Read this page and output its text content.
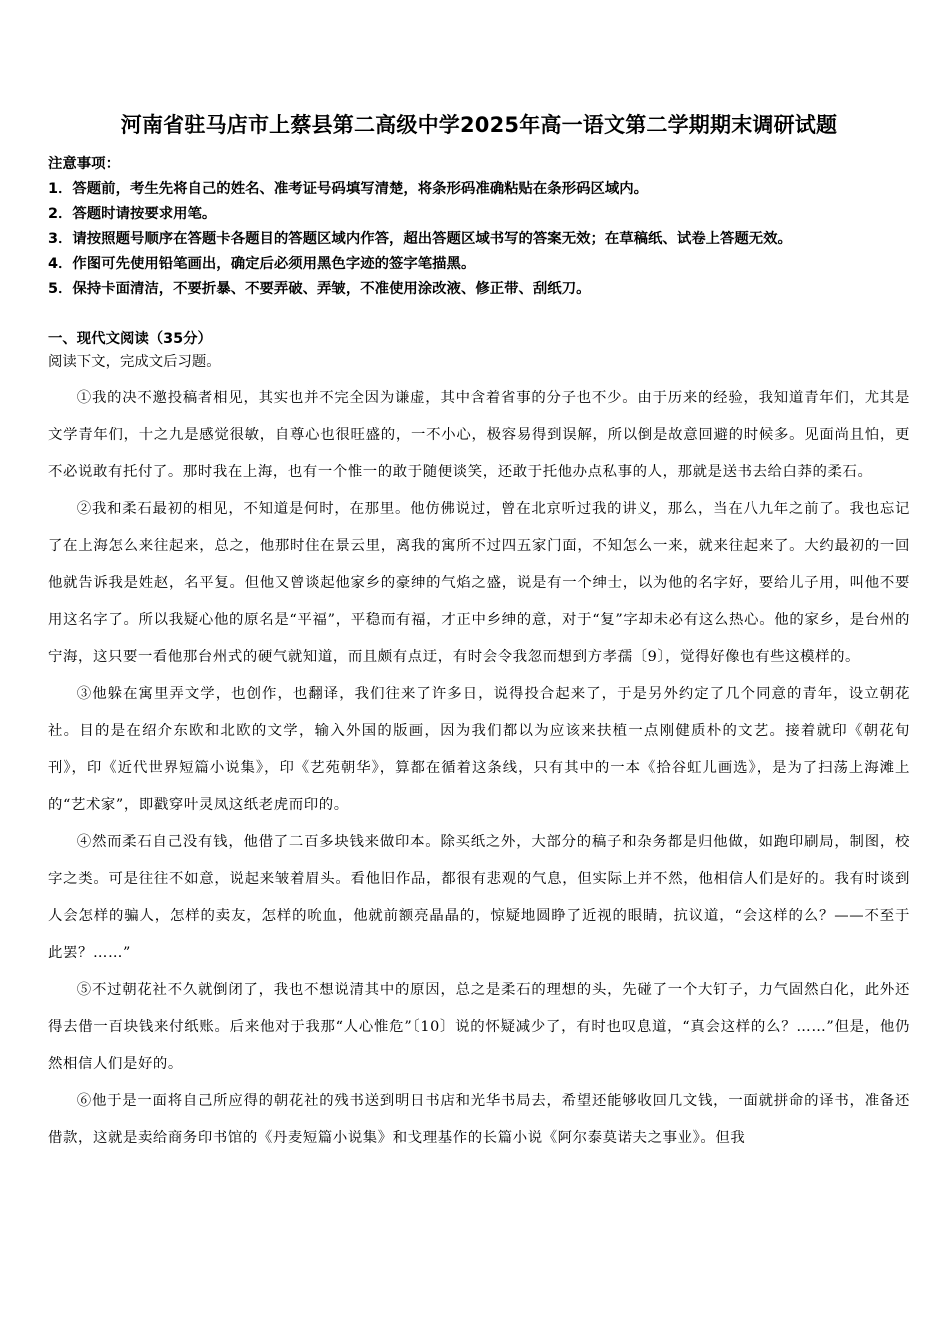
河南省驻马店市上蔡县第二高级中学2025年高一语文第二学期期末调研试题
注意事项：
1．答题前，考生先将自己的姓名、准考证号码填写清楚，将条形码准确粘贴在条形码区域内。
2．答题时请按要求用笔。
3．请按照题号顺序在答题卡各题目的答题区域内作答，超出答题区域书写的答案无效；在草稿纸、试卷上答题无效。
4．作图可先使用铅笔画出，确定后必须用黑色字迹的签字笔描黑。
5．保持卡面清洁，不要折暴、不要弄破、弄皱，不准使用涂改液、修正带、刮纸刀。
一、现代文阅读（35分）
阅读下文，完成文后习题。

①我的决不邀投稿者相见，其实也并不完全因为谦虚，其中含着省事的分子也不少。由于历来的经验，我知道青年们，尤其是文学青年们，十之九是感觉很敏，自尊心也很旺盛的，一不小心，极容易得到误解，所以倒是故意回避的时候多。见面尚且怕，更不必说敢有托付了。那时我在上海，也有一个惟一的敢于随便谈笑，还敢于托他办点私事的人，那就是送书去给白莽的柔石。

②我和柔石最初的相见，不知道是何时，在那里。他仿佛说过，曾在北京听过我的讲义，那么，当在八九年之前了。我也忘记了在上海怎么来往起来，总之，他那时住在景云里，离我的寓所不过四五家门面，不知怎么一来，就来往起来了。大约最初的一回他就告诉我是姓赵，名平复。但他又曾谈起他家乡的豪绅的气焰之盛，说是有一个绅士，以为他的名字好，要给儿子用，叫他不要用这名字了。所以我疑心他的原名是“平福”，平稳而有福，才正中乡绅的意，对于“复”字却未必有这么热心。他的家乡，是台州的宁海，这只要一看他那台州式的硬气就知道，而且颇有点迂，有时会令我忽而想到方孝孺〔9〕，觉得好像也有些这模样的。

③他躲在寓里弄文学，也创作，也翻译，我们往来了许多日，说得投合起来了，于是另外约定了几个同意的青年，设立朝花社。目的是在绍介东欧和北欧的文学，输入外国的版画，因为我们都以为应该来扶植一点刚健质朴的文艺。接着就印《朝花旬刊》，印《近代世界短篇小说集》，印《艺苑朝华》，算都在循着这条线，只有其中的一本《拾谷虹儿画选》，是为了扫荡上海滩上的“艺术家”，即戳穿叶灵凤这纸老虎而印的。

④然而柔石自己没有钱，他借了二百多块钱来做印本。除买纸之外，大部分的稿子和杂务都是归他做，如跑印刷局，制图，校字之类。可是往往不如意，说起来皱着眉头。看他旧作品，都很有悲观的气息，但实际上并不然，他相信人们是好的。我有时谈到人会怎样的骗人，怎样的卖友，怎样的吮血，他就前额亮晶晶的，惊疑地圆睁了近视的眼睛，抗议道，“会这样的么？——不至于此罢？……”

⑤不过朝花社不久就倒闭了，我也不想说清其中的原因，总之是柔石的理想的头，先碰了一个大钉子，力气固然白化，此外还得去借一百块钱来付纸账。后来他对于我那“人心惟危”〔10〕说的怀疑减少了，有时也叹息道，“真会这样的么？……”但是，他仍然相信人们是好的。

⑥他于是一面将自己所应得的朝花社的残书送到明日书店和光华书局去，希望还能够收回几文钱，一面就拼命的译书，准备还借款，这就是卖给商务印书馆的《丹麦短篇小说集》和戈理基作的长篇小说《阿尔泰莫诺夫之事业》。但我
